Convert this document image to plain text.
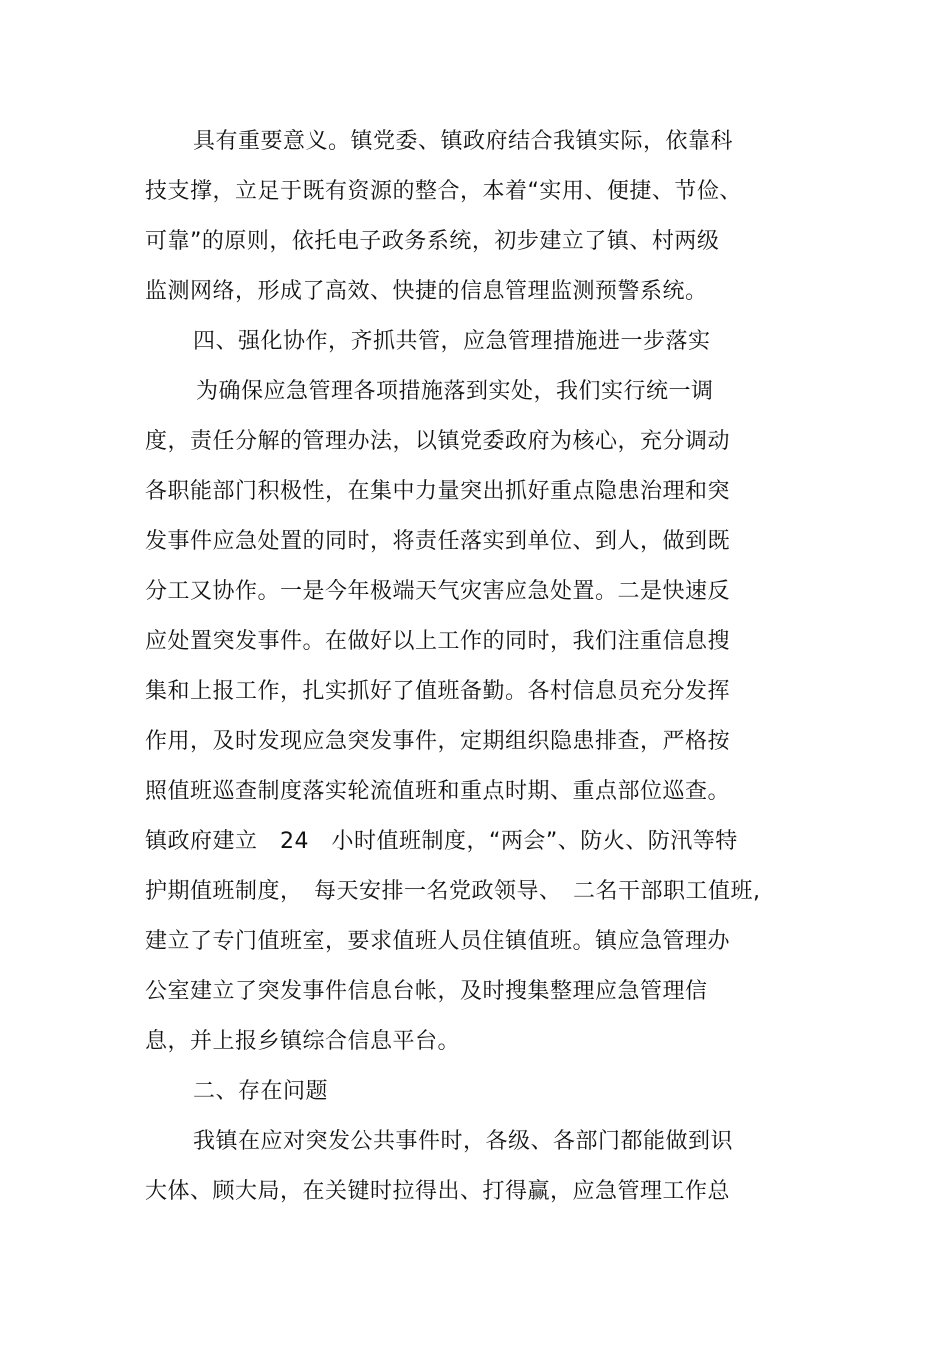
具有重要意义。镇党委、镇政府结合我镇实际，依靠科
技支撑，立足于既有资源的整合，本着“实用、便捷、节俭、
可靠”的原则，依托电子政务系统，初步建立了镇、村两级
监测网络，形成了高效、快捷的信息管理监测预警系统。
四、强化协作，齐抓共管，应急管理措施进一步落实
为确保应急管理各项措施落到实处，我们实行统一调
度，责任分解的管理办法，以镇党委政府为核心，充分调动
各职能部门积极性，在集中力量突出抓好重点隐患治理和突
发事件应急处置的同时，将责任落实到单位、到人，做到既
分工又协作。一是今年极端天气灾害应急处置。二是快速反
应处置突发事件。在做好以上工作的同时，我们注重信息搜
集和上报工作，扎实抓好了值班备勤。各村信息员充分发挥
作用，及时发现应急突发事件，定期组织隐患排查，严格按
照值班巡查制度落实轮流值班和重点时期、重点部位巡查。
镇政府建立　24　小时值班制度，“两会”、防火、防汛等特
护期值班制度，　每天安排一名党政领导、　二名干部职工值班,
建立了专门值班室，要求值班人员住镇值班。镇应急管理办
公室建立了突发事件信息台帐，及时搜集整理应急管理信
息，并上报乡镇综合信息平台。
二、存在问题
我镇在应对突发公共事件时，各级、各部门都能做到识
大体、顾大局，在关键时拉得出、打得赢，应急管理工作总
